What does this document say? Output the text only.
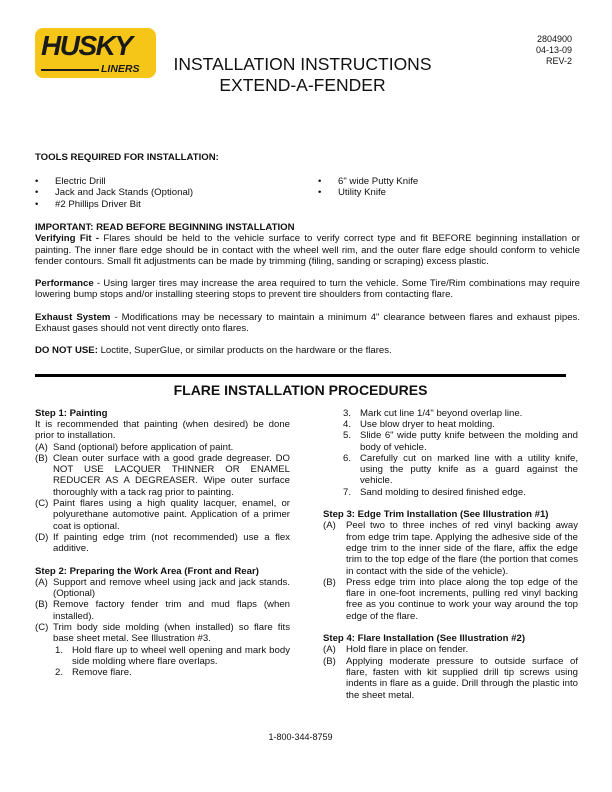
HUSKY
LINERS	INSTALLATION INSTRUCTIONS
EXTEND-A-FENDER
2804900
04-13-09
REV-2
TOOLS REQUIRED FOR INSTALLATION:
• Electric Drill
• Jack and Jack Stands (Optional)
• #2 Phillips Driver Bit
• 6" wide Putty Knife
• Utility Knife

IMPORTANT: READ BEFORE BEGINNING INSTALLATION

Verifying Fit - Flares should be held to the vehicle surface to verify correct type and fit BEFORE beginning installation or painting. The inner flare edge should be in contact with the wheel well rim, and the outer flare edge should conform to vehicle fender contours. Small fit adjustments can be made by trimming (filing, sanding or scraping) excess plastic.

Performance - Using larger tires may increase the area required to turn the vehicle. Some Tire/Rim combinations may require lowering bump stops and/or installing steering stops to prevent tire shoulders from contacting flare.

Exhaust System - Modifications may be necessary to maintain a minimum 4" clearance between flares and exhaust pipes. Exhaust gases should not vent directly onto flares.

DO NOT USE: Loctite, SuperGlue, or similar products on the hardware or the flares.

FLARE INSTALLATION PROCEDURES

Step 1: Painting

It is recommended that painting (when desired) be done prior to installation.

(A) Sand (optional) before application of paint.
(B) Clean outer surface with a good grade degreaser. DO NOT USE LACQUER THINNER OR ENAMEL REDUCER AS A DEGREASER. Wipe outer surface thoroughly with a tack rag prior to painting.
(C) Paint flares using a high quality lacquer, enamel, or polyurethane automotive paint. Application of a primer coat is optional.
(D) If painting edge trim (not recommended) use a flex additive.

Step 2: Preparing the Work Area (Front and Rear)

(A) Support and remove wheel using jack and jack stands. (Optional)
(B) Remove factory fender trim and mud flaps (when installed).
(C) Trim body side molding (when installed) so flare fits base sheet metal. See Illustration #3.
1. Hold flare up to wheel well opening and mark body side molding where flare overlaps.
2. Remove flare.
3. Mark cut line 1/4" beyond overlap line.
4. Use blow dryer to heat molding.
5. Slide 6" wide putty knife between the molding and body of vehicle.
6. Carefully cut on marked line with a utility knife, using the putty knife as a guard against the vehicle.
7. Sand molding to desired finished edge.

Step 3: Edge Trim Installation (See Illustration #1)

(A) Peel two to three inches of red vinyl backing away from edge trim tape. Applying the adhesive side of the edge trim to the inner side of the flare, affix the edge trim to the top edge of the flare (the portion that comes in contact with the side of the vehicle).
(B) Press edge trim into place along the top edge of the flare in one-foot increments, pulling red vinyl backing free as you continue to work your way around the top edge of the flare.

Step 4: Flare Installation (See Illustration #2)

(A) Hold flare in place on fender.
(B) Applying moderate pressure to outside surface of flare, fasten with kit supplied drill tip screws using indents in flare as a guide. Drill through the plastic into the sheet metal.
1-800-344-8759
